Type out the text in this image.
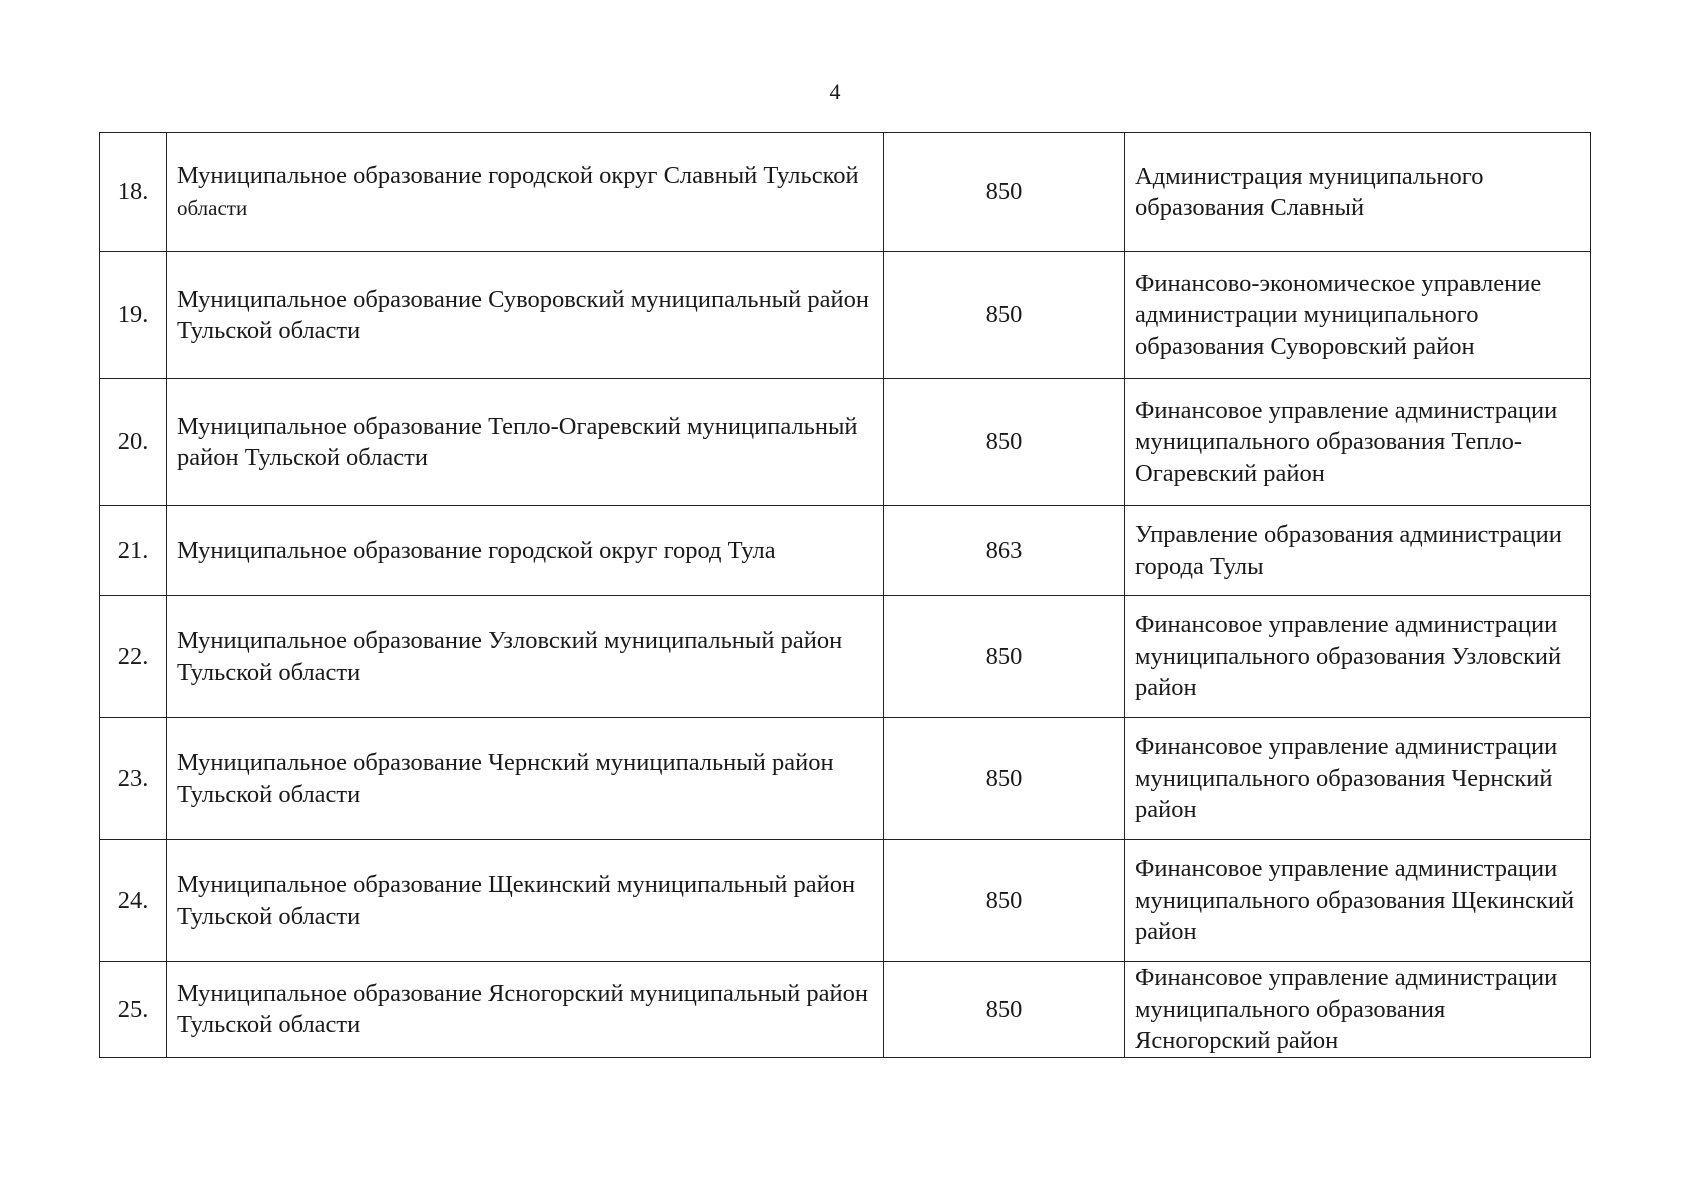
4
18.	Муниципальное образование городской округ Славный Тульской области	850	Администрация муниципального образования Славный
19.	Муниципальное образование Суворовский муниципальный район Тульской области	850	Финансово-экономическое управление администрации муниципального образования Суворовский район
20.	Муниципальное образование Тепло-Огаревский муниципальный район Тульской области	850	Финансовое управление администрации муниципального образования Тепло-Огаревский район
21.	Муниципальное образование городской округ город Тула	863	Управление образования администрации города Тулы
22.	Муниципальное образование Узловский муниципальный район Тульской области	850	Финансовое управление администрации муниципального образования Узловский район
23.	Муниципальное образование Чернский муниципальный район Тульской области	850	Финансовое управление администрации муниципального образования Чернский район
24.	Муниципальное образование Щекинский муниципальный район Тульской области	850	Финансовое управление администрации муниципального образования Щекинский район
25.	Муниципальное образование Ясногорский муниципальный район Тульской области	850	Финансовое управление администрации муниципального образования Ясногорский район
